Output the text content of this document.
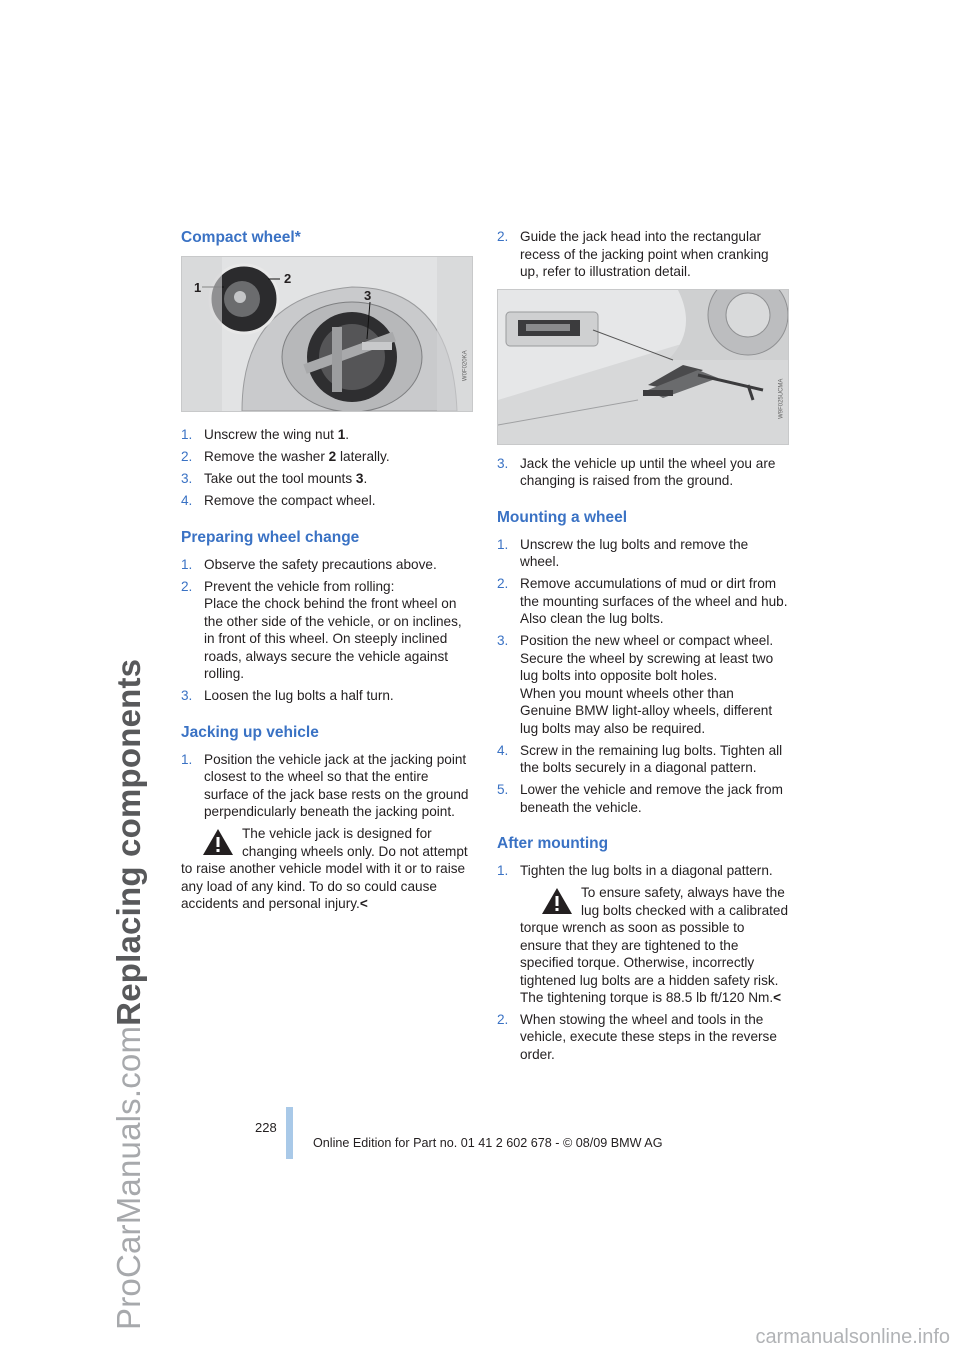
ProCarManuals.comReplacing components
Compact wheel*
1
2
3
W0F020KA
1. Unscrew the wing nut 1.
2. Remove the washer 2 laterally.
3. Take out the tool mounts 3.
4. Remove the compact wheel.
Preparing wheel change
1. Observe the safety precautions above.
2. Prevent the vehicle from rolling:
Place the chock behind the front wheel on the other side of the vehicle, or on inclines, in front of this wheel. On steeply inclined roads, always secure the vehicle against rolling.
3. Loosen the lug bolts a half turn.
Jacking up vehicle
1. Position the vehicle jack at the jacking point closest to the wheel so that the entire surface of the jack base rests on the ground perpendicularly beneath the jacking point.

The vehicle jack is designed for changing wheels only. Do not attempt
to raise another vehicle model with it or to raise any load of any kind. To do so could cause accidents and personal injury.<

2. Guide the jack head into the rectangular recess of the jacking point when cranking up, refer to illustration detail.
W9F025UCMA
3. Jack the vehicle up until the wheel you are changing is raised from the ground.
Mounting a wheel
1. Unscrew the lug bolts and remove the wheel.
2. Remove accumulations of mud or dirt from the mounting surfaces of the wheel and hub. Also clean the lug bolts.
3. Position the new wheel or compact wheel. Secure the wheel by screwing at least two lug bolts into opposite bolt holes.
When you mount wheels other than Genuine BMW light-alloy wheels, different lug bolts may also be required.
4. Screw in the remaining lug bolts. Tighten all the bolts securely in a diagonal pattern.
5. Lower the vehicle and remove the jack from beneath the vehicle.
After mounting
1. Tighten the lug bolts in a diagonal pattern.

To ensure safety, always have the lug bolts checked with a calibrated
torque wrench as soon as possible to ensure that they are tightened to the specified torque. Otherwise, incorrectly tightened lug bolts are a hidden safety risk. The tightening torque is 88.5 lb ft/120 Nm.<

2. When stowing the wheel and tools in the vehicle, execute these steps in the reverse order.
228
Online Edition for Part no. 01 41 2 602 678 - © 08/09 BMW AG
carmanualsonline.info
